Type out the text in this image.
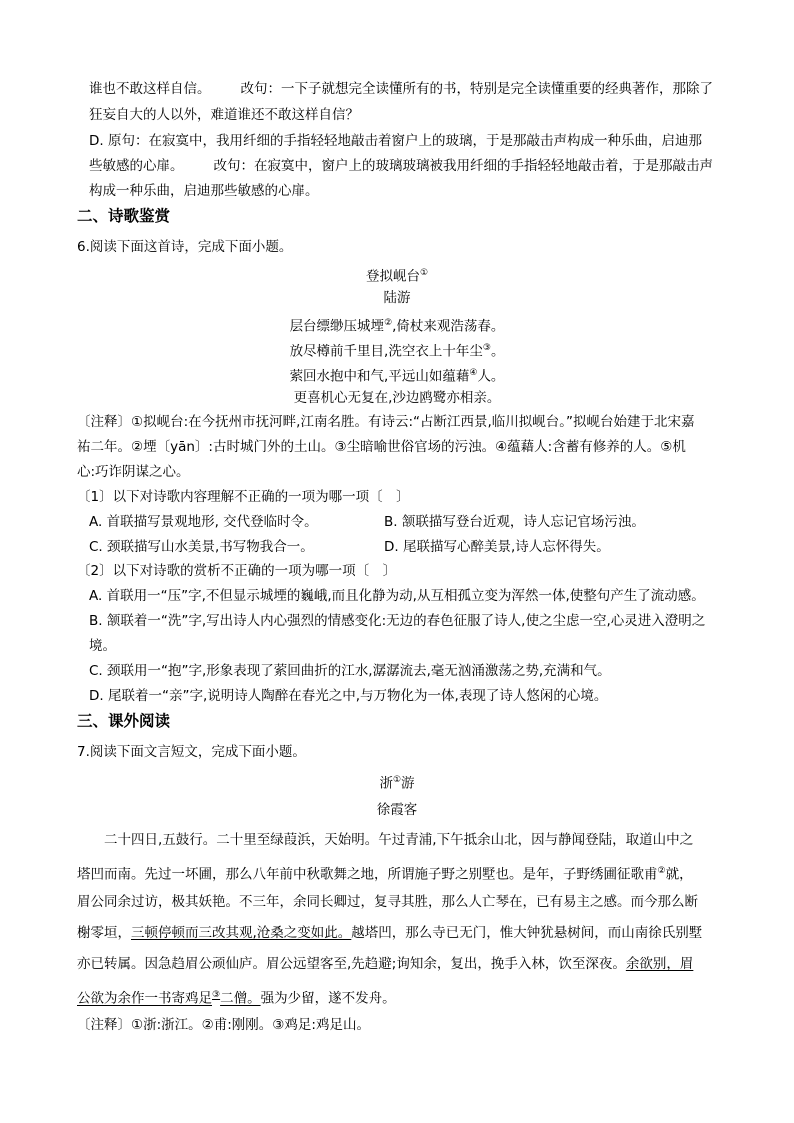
谁也不敢这样自信。 改句：一下子就想完全读懂所有的书，特别是完全读懂重要的经典著作，那除了
狂妄自大的人以外，难道谁还不敢这样自信？
D. 原句：在寂寞中，我用纤细的手指轻轻地敲击着窗户上的玻璃，于是那敲击声构成一种乐曲，启迪那
些敏感的心扉。 改句：在寂寞中，窗户上的玻璃玻璃被我用纤细的手指轻轻地敲击着，于是那敲击声
构成一种乐曲，启迪那些敏感的心扉。
二、诗歌鉴赏
6.阅读下面这首诗，完成下面小题。
登拟岘台①
陆游
层台缥缈压城堙②,倚杖来观浩荡春。
放尽樽前千里目,洗空衣上十年尘③。
萦回水抱中和气,平远山如蕴藉④人。
更喜机心无复在,沙边鸥鹭亦相亲。
〔注释〕①拟岘台:在今抚州市抚河畔,江南名胜。有诗云:“占断江西景,临川拟岘台。”拟岘台始建于北宋嘉
祐二年。②堙〔yān〕:古时城门外的土山。③尘暗喻世俗官场的污浊。④蕴藉人:含蓄有修养的人。⑤机
心:巧诈阴谋之心。
〔1〕以下对诗歌内容理解不正确的一项为哪一项〔　〕
A. 首联描写景观地形, 交代登临时令。	B. 颔联描写登台近观，诗人忘记官场污浊。
C. 颈联描写山水美景,书写物我合一。	D. 尾联描写心醉美景,诗人忘怀得失。
〔2〕以下对诗歌的赏析不正确的一项为哪一项〔　〕
A. 首联用一“压”字,不但显示城堙的巍峨,而且化静为动,从互相孤立变为浑然一体,使整句产生了流动感。
B. 颔联着一“洗”字,写出诗人内心强烈的情感变化:无边的春色征服了诗人,使之尘虑一空,心灵进入澄明之
境。
C. 颈联用一“抱”字,形象表现了萦回曲折的江水,潺潺流去,毫无汹涌激荡之势,充满和气。
D. 尾联着一“亲”字,说明诗人陶醉在春光之中,与万物化为一体,表现了诗人悠闲的心境。
三、课外阅读
7.阅读下面文言短文，完成下面小题。
浙①游
徐霞客
二十四日,五鼓行。二十里至绿葭浜，天始明。午过青浦,下午抵余山北，因与静闻登陆，取道山中之
塔凹而南。先过一坏圃，那么八年前中秋歌舞之地，所谓施子野之别墅也。是年，子野绣圃征歌甫②就，
眉公同余过访，极其妖艳。不三年，余同长卿过，复寻其胜，那么人亡琴在，已有易主之感。而今那么断
榭零垣，三顿停顿而三改其观,沧桑之变如此。越塔凹，那么寺已无门，惟大钟犹悬树间，而山南徐氏别墅
亦已转属。因急趋眉公顽仙庐。眉公远望客至,先趋避;询知余，复出，挽手入林，饮至深夜。余欲别，眉
公欲为余作一书寄鸡足③二僧。强为少留，遂不发舟。
〔注释〕①浙:浙江。②甫:刚刚。③鸡足:鸡足山。
